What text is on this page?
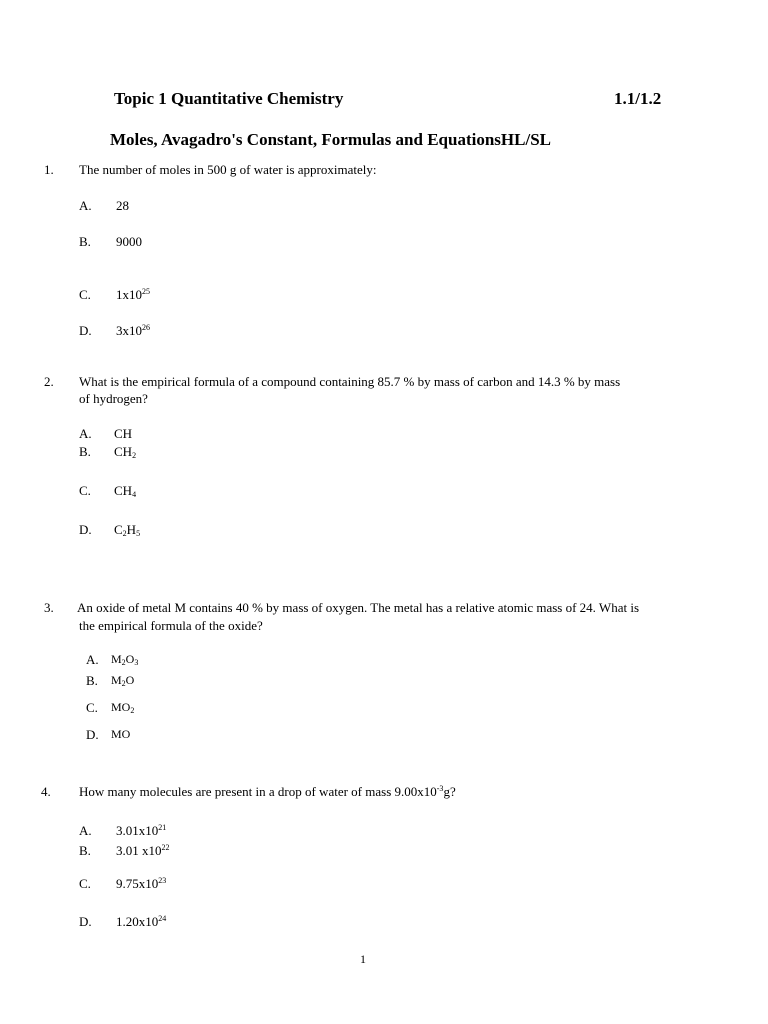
Topic 1 Quantitative Chemistry	1.1/1.2
Moles, Avagadro's Constant, Formulas and EquationsHL/SL
1. The number of moles in 500 g of water is approximately:
A. 28
B. 9000
C. $1x10^{25}$
D. $3x10^{26}$
2. What is the empirical formula of a compound containing 85.7 % by mass of carbon and 14.3 % by mass
of hydrogen?
A. CH
B. $CH_2$
C. $CH_4$
D. $C_2H_5$
3. An oxide of metal M contains 40 % by mass of oxygen. The metal has a relative atomic mass of 24. What is
the empirical formula of the oxide?
A. $M_2O_3$
B. $M_2O$
C. $MO_2$
D. MO
4. How many molecules are present in a drop of water of mass $9.00x10^{-3}g$?
A. $3.01x10^{21}$
B. 3.01 $x10^{22}$
C. $9.75x10^{23}$
D. $1.20x10^{24}$
1
